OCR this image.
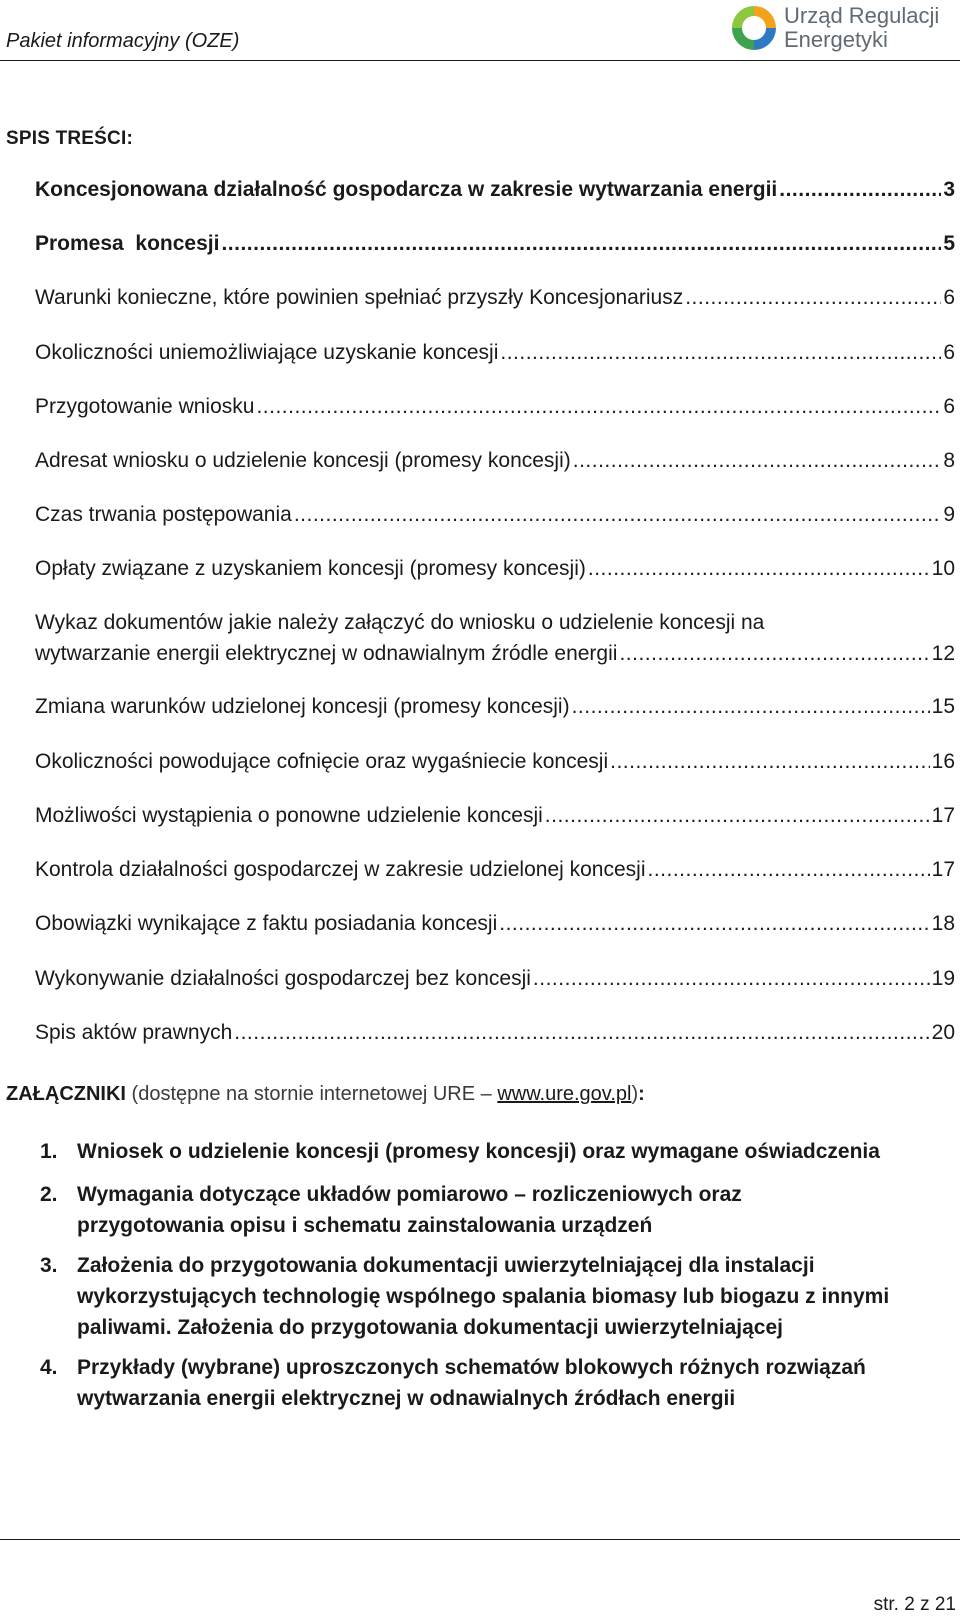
Pakiet informacyjny (OZE)
Urząd Regulacji
Energetyki
SPIS TREŚCI:
Koncesjonowana działalność gospodarcza w zakresie wytwarzania energii .....	3
Promesa  koncesji .....	5
Warunki konieczne, które powinien spełniać przyszły Koncesjonariusz .....	6
Okoliczności uniemożliwiające uzyskanie koncesji .....	6
Przygotowanie wniosku .....	6
Adresat wniosku o udzielenie koncesji (promesy koncesji) .....	8
Czas trwania postępowania .....	9
Opłaty związane z uzyskaniem koncesji (promesy koncesji) .....	10
Wykaz dokumentów jakie należy załączyć do wniosku o udzielenie koncesji na
wytwarzanie energii elektrycznej w odnawialnym źródle energii .....	12
Zmiana warunków udzielonej koncesji (promesy koncesji) .....	15
Okoliczności powodujące cofnięcie oraz wygaśniecie koncesji .....	16
Możliwości wystąpienia o ponowne udzielenie koncesji .....	17
Kontrola działalności gospodarczej w zakresie udzielonej koncesji .....	17
Obowiązki wynikające z faktu posiadania koncesji .....	18
Wykonywanie działalności gospodarczej bez koncesji .....	19
Spis aktów prawnych .....	20
ZAŁĄCZNIKI (dostępne na stornie internetowej URE – www.ure.gov.pl):
1. Wniosek o udzielenie koncesji (promesy koncesji) oraz wymagane oświadczenia
2. Wymagania dotyczące układów pomiarowo – rozliczeniowych oraz przygotowania opisu i schematu zainstalowania urządzeń
3. Założenia do przygotowania dokumentacji uwierzytelniającej dla instalacji wykorzystujących technologię wspólnego spalania biomasy lub biogazu z innymi paliwami. Założenia do przygotowania dokumentacji uwierzytelniającej
4. Przykłady (wybrane) uproszczonych schematów blokowych różnych rozwiązań wytwarzania energii elektrycznej w odnawialnych źródłach energii
str. 2 z 21
